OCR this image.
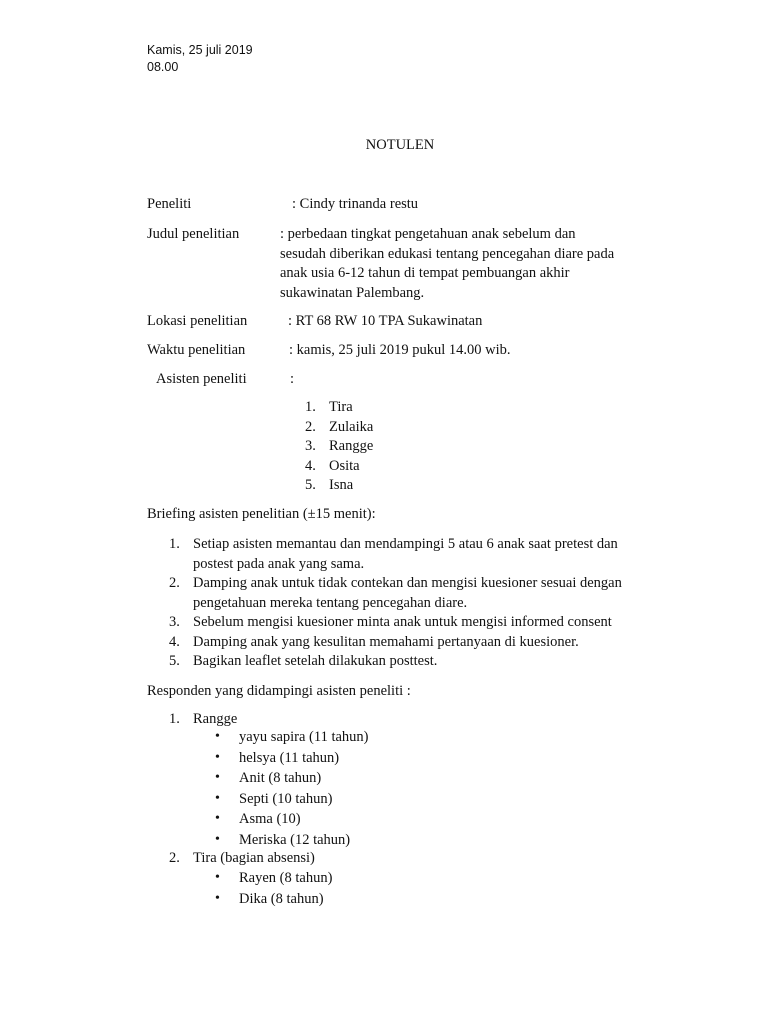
Kamis, 25 juli 2019
08.00
NOTULEN
Peneliti	: Cindy trinanda restu
Judul penelitian	: perbedaan tingkat pengetahuan anak sebelum dan
sesudah diberikan edukasi tentang pencegahan diare pada
anak usia 6-12 tahun di tempat pembuangan akhir
sukawinatan Palembang.
Lokasi penelitian	: RT 68 RW 10 TPA Sukawinatan
Waktu penelitian	: kamis, 25 juli 2019 pukul 14.00 wib.
Asisten peneliti	:
1. Tira
2. Zulaika
3. Rangge
4. Osita
5. Isna
Briefing asisten penelitian (±15 menit):
1. Setiap asisten memantau dan mendampingi 5 atau 6 anak saat pretest dan
postest pada anak yang sama.
2. Damping anak untuk tidak contekan dan mengisi kuesioner sesuai dengan
pengetahuan mereka tentang pencegahan diare.
3. Sebelum mengisi kuesioner minta anak untuk mengisi informed consent
4. Damping anak yang kesulitan memahami pertanyaan di kuesioner.
5. Bagikan leaflet setelah dilakukan posttest.
Responden yang didampingi asisten peneliti :
1. Rangge
• yayu sapira (11 tahun)
• helsya (11 tahun)
• Anit (8 tahun)
• Septi (10 tahun)
• Asma (10)
• Meriska (12 tahun)
2. Tira (bagian absensi)
• Rayen (8 tahun)
• Dika (8 tahun)
